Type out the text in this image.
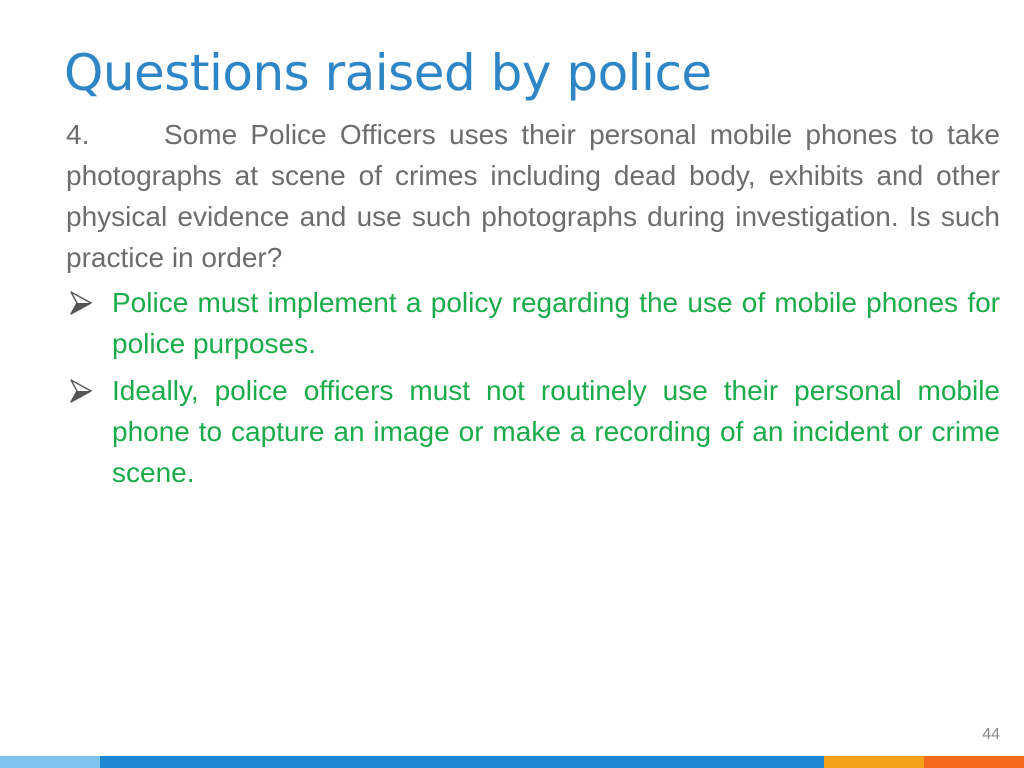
Questions raised by police

4.	Some Police Officers uses their personal mobile phones to take photographs at scene of crimes including dead body, exhibits and other physical evidence and use such photographs during investigation. Is such practice in order?

Police must implement a policy regarding the use of mobile phones for police purposes.
Ideally, police officers must not routinely use their personal mobile phone to capture an image or make a recording of an incident or crime scene.
44
